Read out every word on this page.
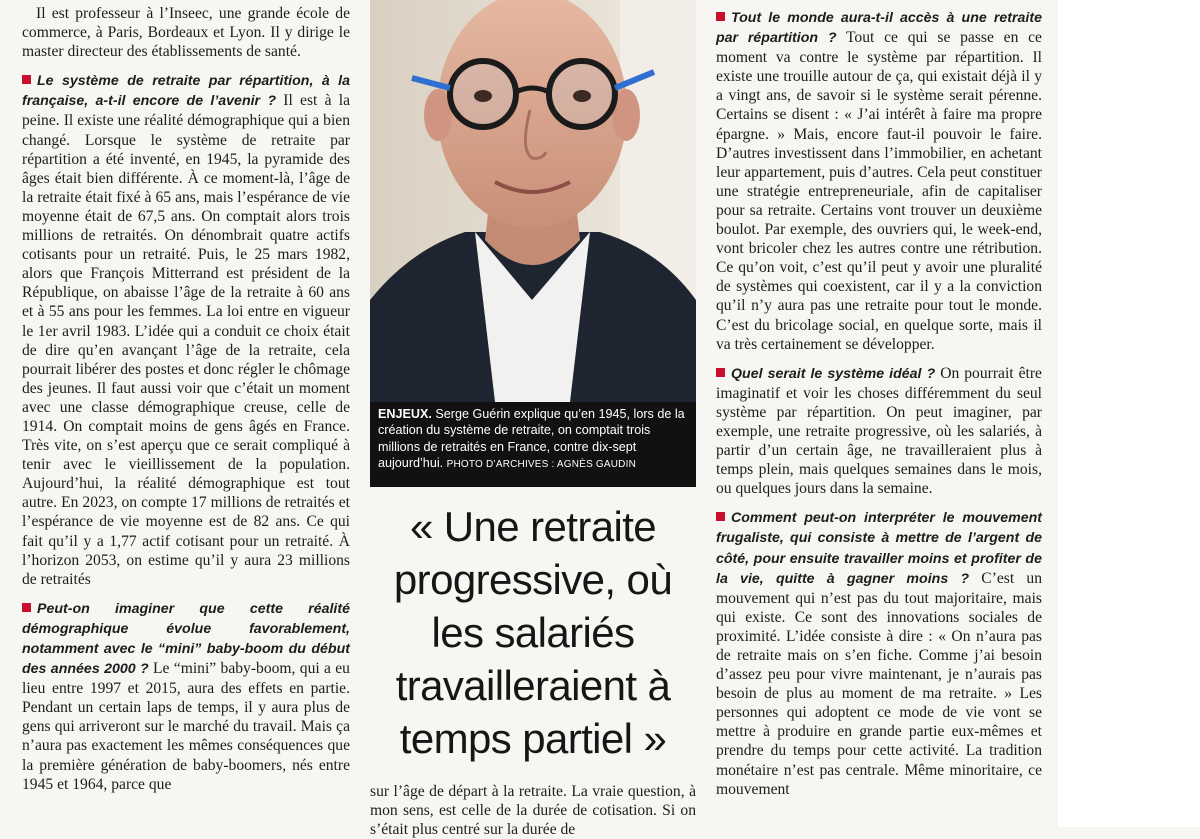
Il est professeur à l’Inseec, une grande école de commerce, à Paris, Bordeaux et Lyon. Il y dirige le master directeur des établissements de santé.

Le système de retraite par répartition, à la française, a-t-il encore de l’avenir ? Il est à la peine. Il existe une réalité démographique qui a bien changé. Lorsque le système de retraite par répartition a été inventé, en 1945, la pyramide des âges était bien différente. À ce moment-là, l’âge de la retraite était fixé à 65 ans, mais l’espérance de vie moyenne était de 67,5 ans. On comptait alors trois millions de retraités. On dénombrait quatre actifs cotisants pour un retraité. Puis, le 25 mars 1982, alors que François Mitterrand est président de la République, on abaisse l’âge de la retraite à 60 ans et à 55 ans pour les femmes. La loi entre en vigueur le 1er avril 1983. L’idée qui a conduit ce choix était de dire qu’en avançant l’âge de la retraite, cela pourrait libérer des postes et donc régler le chômage des jeunes. Il faut aussi voir que c’était un moment avec une classe démographique creuse, celle de 1914. On comptait moins de gens âgés en France. Très vite, on s’est aperçu que ce serait compliqué à tenir avec le vieillissement de la population. Aujourd’hui, la réalité démographique est tout autre. En 2023, on compte 17 millions de retraités et l’espérance de vie moyenne est de 82 ans. Ce qui fait qu’il y a 1,77 actif cotisant pour un retraité. À l’horizon 2053, on estime qu’il y aura 23 millions de retraités

Peut-on imaginer que cette réalité démographique évolue favorablement, notamment avec le “mini” baby-boom du début des années 2000 ? Le “mini” baby-boom, qui a eu lieu entre 1997 et 2015, aura des effets en partie. Pendant un certain laps de temps, il y aura plus de gens qui arriveront sur le marché du travail. Mais ça n’aura pas exactement les mêmes conséquences que la première génération de baby-boomers, nés entre 1945 et 1964, parce que

ENJEUX. Serge Guérin explique qu’en 1945, lors de la création du système de retraite, on comptait trois millions de retraités en France, contre dix-sept aujourd’hui. PHOTO D’ARCHIVES : AGNÈS GAUDIN
« Une retraite progressive, où les salariés travailleraient à temps partiel »
sur l’âge de départ à la retraite. La vraie question, à mon sens, est celle de la durée de cotisation. Si on s’était plus centré sur la durée de

Tout le monde aura-t-il accès à une retraite par répartition ? Tout ce qui se passe en ce moment va contre le système par répartition. Il existe une trouille autour de ça, qui existait déjà il y a vingt ans, de savoir si le système serait pérenne. Certains se disent : « J’ai intérêt à faire ma propre épargne. » Mais, encore faut-il pouvoir le faire. D’autres investissent dans l’immobilier, en achetant leur appartement, puis d’autres. Cela peut constituer une stratégie entrepreneuriale, afin de capitaliser pour sa retraite. Certains vont trouver un deuxième boulot. Par exemple, des ouvriers qui, le week-end, vont bricoler chez les autres contre une rétribution. Ce qu’on voit, c’est qu’il peut y avoir une pluralité de systèmes qui coexistent, car il y a la conviction qu’il n’y aura pas une retraite pour tout le monde. C’est du bricolage social, en quelque sorte, mais il va très certainement se développer.

Quel serait le système idéal ? On pourrait être imaginatif et voir les choses différemment du seul système par répartition. On peut imaginer, par exemple, une retraite progressive, où les salariés, à partir d’un certain âge, ne travailleraient plus à temps plein, mais quelques semaines dans le mois, ou quelques jours dans la semaine.

Comment peut-on interpréter le mouvement frugaliste, qui consiste à mettre de l’argent de côté, pour ensuite travailler moins et profiter de la vie, quitte à gagner moins ? C’est un mouvement qui n’est pas du tout majoritaire, mais qui existe. Ce sont des innovations sociales de proximité. L’idée consiste à dire : « On n’aura pas de retraite mais on s’en fiche. Comme j’ai besoin d’assez peu pour vivre maintenant, je n’aurais pas besoin de plus au moment de ma retraite. » Les personnes qui adoptent ce mode de vie vont se mettre à produire en grande partie eux-mêmes et prendre du temps pour cette activité. La tradition monétaire n’est pas centrale. Même minoritaire, ce mouvement
